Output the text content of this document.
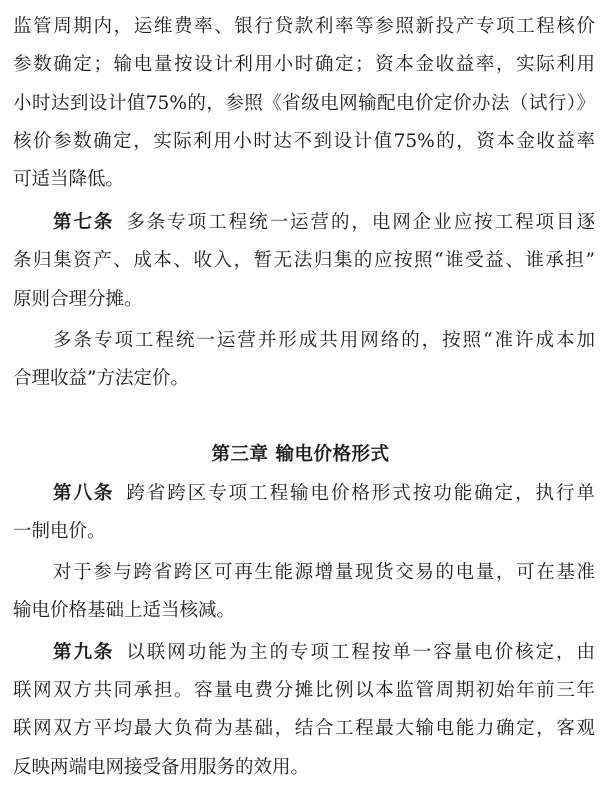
监管周期内，运维费率、银行贷款利率等参照新投产专项工程核价
参数确定；输电量按设计利用小时确定；资本金收益率，实际利用
小时达到设计值75%的，参照《省级电网输配电价定价办法（试行）》
核价参数确定，实际利用小时达不到设计值75%的，资本金收益率
可适当降低。
第七条 多条专项工程统一运营的，电网企业应按工程项目逐
条归集资产、成本、收入，暂无法归集的应按照“谁受益、谁承担”
原则合理分摊。
多条专项工程统一运营并形成共用网络的，按照“准许成本加
合理收益”方法定价。
第三章 输电价格形式
第八条 跨省跨区专项工程输电价格形式按功能确定，执行单
一制电价。
对于参与跨省跨区可再生能源增量现货交易的电量，可在基准
输电价格基础上适当核减。
第九条 以联网功能为主的专项工程按单一容量电价核定，由
联网双方共同承担。容量电费分摊比例以本监管周期初始年前三年
联网双方平均最大负荷为基础，结合工程最大输电能力确定，客观
反映两端电网接受备用服务的效用。
